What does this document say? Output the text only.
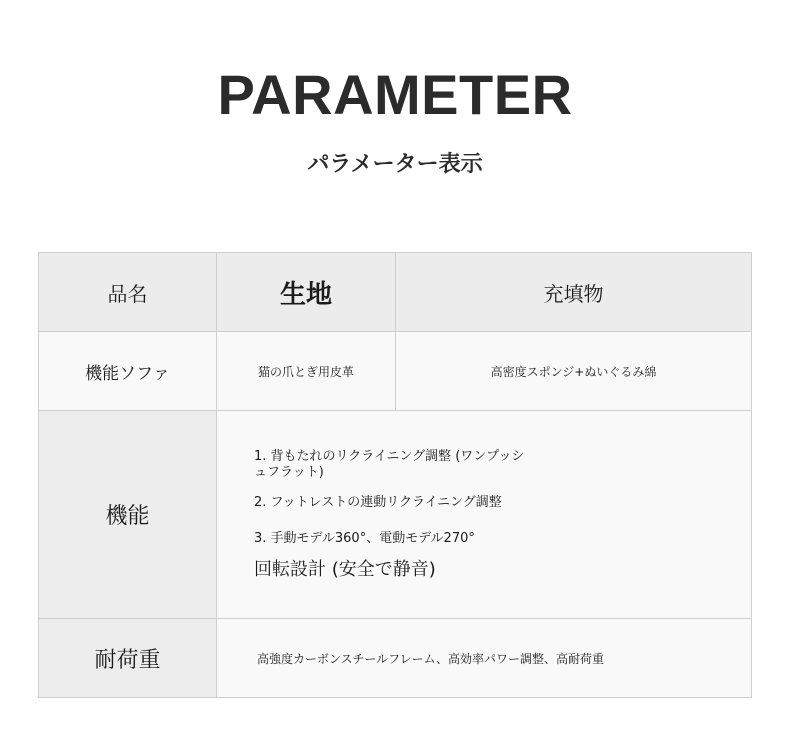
PARAMETER
パラメーター表示
品名	生地	充填物
機能ソファ	猫の爪とぎ用皮革	高密度スポンジ+ぬいぐるみ綿
機能	1. 背もたれのリクライニング調整 (ワンプッシュフラット)
2. フットレストの連動リクライニング調整
3. 手動モデル360°、電動モデル270°
回転設計 (安全で静音)	

耐荷重	高強度カーボンスチールフレーム、高効率パワー調整、高耐荷重	
